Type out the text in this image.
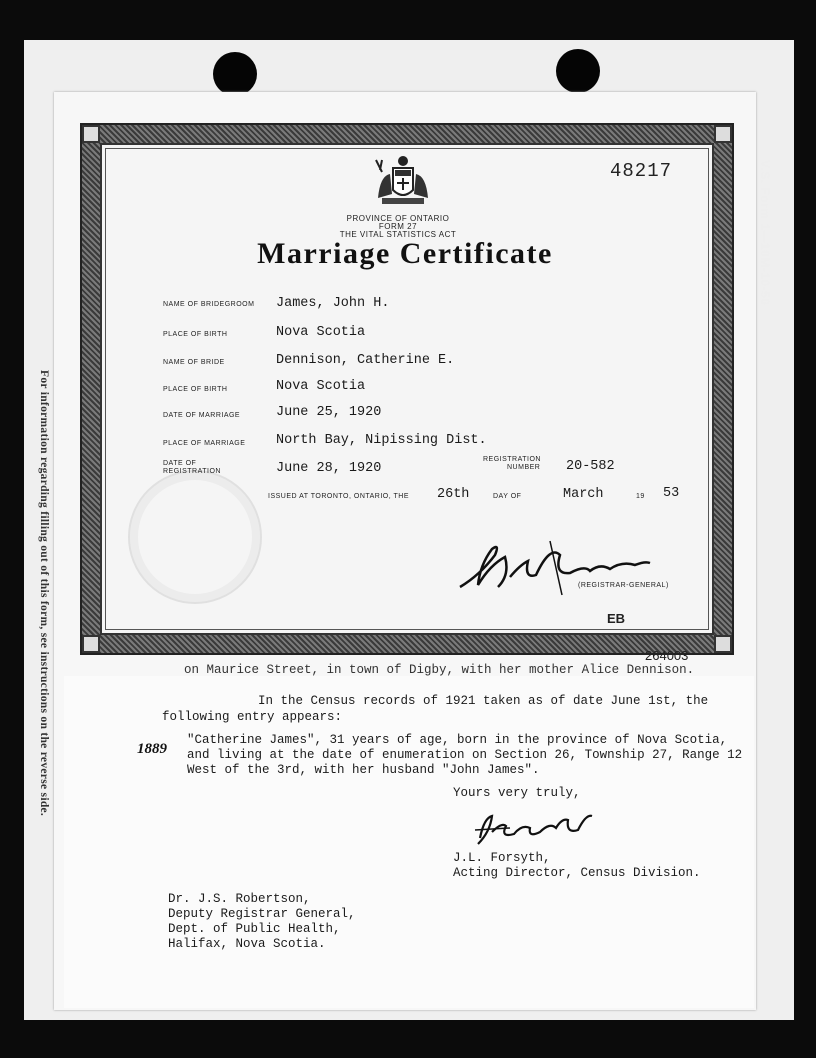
V.S. Form 1—10M-10-50
For information regarding filling out of this form, see instructions on the reverse side.
48217
PROVINCE OF ONTARIO
FORM 27
THE VITAL STATISTICS ACT
Marriage Certificate
NAME OF BRIDEGROOM James, John H.
PLACE OF BIRTH	Nova Scotia
NAME OF BRIDE	Dennison, Catherine E.
PLACE OF BIRTH	Nova Scotia
DATE OF MARRIAGE	June 25, 1920
PLACE OF MARRIAGE North Bay, Nipissing Dist.
DATE OF
REGISTRATION	June 28, 1920
REGISTRATION
NUMBER 20-582
ISSUED AT TORONTO, ONTARIO, THE 26th	DAY OF	March	19 53
(REGISTRAR-GENERAL)
EB
264003
on Maurice Street, in town of Digby, with her mother Alice Dennison.
In the Census records of 1921 taken as of date June 1st, the
following entry appears:
1889
"Catherine James", 31 years of age, born in the province of Nova Scotia,
and living at the date of enumeration on Section 26, Township 27, Range 12
West of the 3rd, with her husband "John James".
Yours very truly,
J.L. Forsyth,
Acting Director, Census Division.
Dr. J.S. Robertson,
Deputy Registrar General,
Dept. of Public Health,
Halifax, Nova Scotia.
